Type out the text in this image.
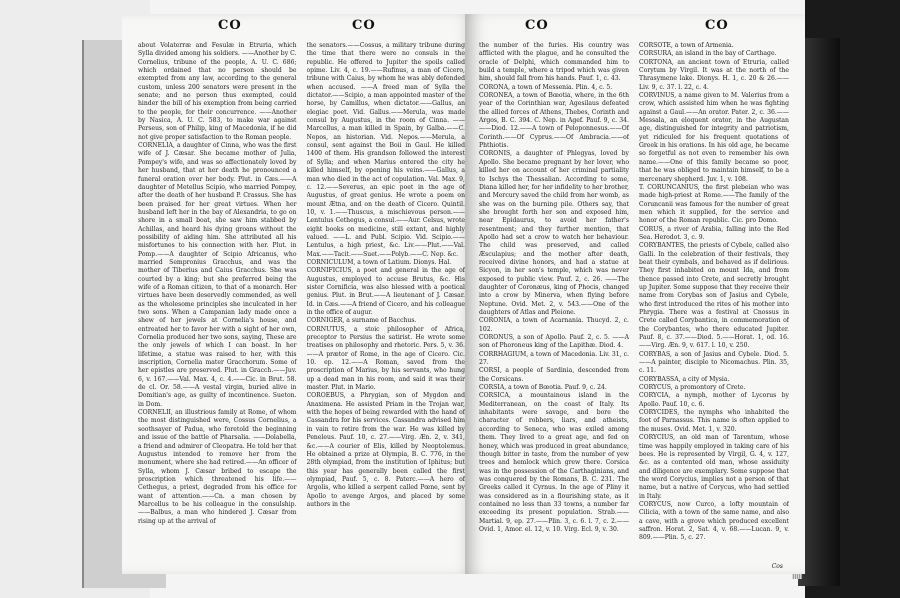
CO	CO

about Volaterræ and Fesulæ in Etruria, which Sylla divided among his soldiers. ——Another by C. Cornelius, tribune of the people, A. U. C. 686; which ordained that no person should be exempted from any law, according to the general custom, unless 200 senators were present in the senate; and no person thus exempted, could hinder the bill of his exemption from being carried to the people, for their concurrence. ——Another by Nasica, A. U. C. 583, to make war against Perseus, son of Philip, king of Macedonia, if he did not give proper satisfaction to the Roman people.

CORNELIA, a daughter of Cinna, who was the first wife of J. Cæsar. She became mother of Julia, Pompey's wife, and was so affectionately loved by her husband, that at her death he pronounced a funeral oration over her body. Plut. in Cæs.——A daughter of Metellus Scipio, who married Pompey, after the death of her husband P. Crassus. She has been praised for her great virtues. When her husband left her in the bay of Alexandria, to go on shore in a small boat, she saw him stabbed by Achillas, and heard his dying groans without the possibility of aiding him. She attributed all his misfortunes to his connection with her. Plut. in Pomp.——A daughter of Scipio Africanus, who married Sempronius Gracchus, and was the mother of Tiberius and Caius Gracchus. She was courted by a king; but she preferred being the wife of a Roman citizen, to that of a monarch. Her virtues have been deservedly commended, as well as the wholesome principles she inculcated in her two sons. When a Campanian lady made once a shew of her jewels at Cornelia's house, and entreated her to favor her with a sight of her own, Cornelia produced her two sons, saying, These are the only jewels of which I can boast. In her lifetime, a statue was raised to her, with this inscription, Cornelia mater Gracchorum. Some of her epistles are preserved. Plut. in Gracch.——Juv. 6, v. 167.——Val. Max. 4, c. 4.——Cic. in Brut. 58. de cl. Or. 58.——A vestal virgin, buried alive in Domitian's age, as guilty of incontinence. Sueton. in Dom.

CORNELII, an illustrious family at Rome, of whom the most distinguished were, Cossus Cornelius, a soothsayer of Padua, who foretold the beginning and issue of the battle of Pharsalia. ——Dolabella, a friend and admirer of Cleopatra. He told her that Augustus intended to remove her from the monument, where she had retired.——An officer of Sylla, whom J. Cæsar bribed to escape the proscription which threatened his life.——Cethegus, a priest, degraded from his office for want of attention.——Cn. a man chosen by Marcellus to be his colleague in the consulship.——Balbus, a man who hindered J. Cæsar from rising up at the arrival of

the senators.——Cossus, a military tribune during the time that there were no consuls in the republic. He offered to Jupiter the spoils called opime. Liv. 4, c. 19.——Rufinus, a man of Cicero, tribune with Caius, by whom he was ably defended when accused. ——A freed man of Sylla the dictator.——Scipio, a man appointed master of the horse, by Camillus, when dictator.——Gallus, an elegiac poet. Vid. Gallus.——Merula, was made consul by Augustus, in the room of Cinna. ——Marcellus, a man killed in Spain, by Galba.——C. Nepos, an historian. Vid. Nepos.——Merula, a consul, sent against the Boii in Gaul. He killed 1400 of them. His grandson followed the interest of Sylla; and when Marius entered the city he killed himself, by opening his veins.——Gallus, a man who died in the act of copulation. Val. Max. 9, c. 12.——Severus, an epic poet in the age of Augustus, of great genius. He wrote a poem on mount Ætna, and on the death of Cicero. Quintil. 10, v. 1.——Thuscus, a mischievous person.——Lentulus Cethegus, a consul.——Aur. Celsus, wrote eight books on medicine, still extant, and highly valued. ——L. and Publ. Scipio. Vid. Scipio.——Lentulus, a high priest, &c. Liv.——Plut.——Val. Max.——Tacit.——Suet.——Polyb.——C. Nep. &c.

CORNICULUM, a town of Latium. Dionys. Hal.

CORNIFICIUS, a poet and general in the age of Augustus, employed to accuse Brutus, &c. His sister Cornificia, was also blessed with a poetical genius. Plut. in Brut.——A lieutenant of J. Cæsar. Id. in Cæs.——A friend of Cicero, and his colleague in the office of augur.

CORNIGER, a surname of Bacchus.

CORNUTUS, a stoic philosopher of Africa, preceptor to Persius the satirist. He wrote some treatises on philosophy and rhetoric. Pers. 5, v. 36.——A prætor of Rome, in the age of Cicero. Cic. 10. ep. 12.——A Roman, saved from the proscription of Marius, by his servants, who hung up a dead man in his room, and said it was their master. Plut. in Mario.

COROEBUS, a Phrygian, son of Mygdon and Anaximena. He assisted Priam in the Trojan war, with the hopes of being rewarded with the hand of Cassandra for his services. Cassandra advised him in vain to retire from the war. He was killed by Peneleus. Pauf. 10, c. 27.——Virg. Æn. 2, v. 341, &c.——A courier of Elis, killed by Neoptolemus. He obtained a prize at Olympia, B. C. 776, in the 28th olympiad, from the institution of Iphitus; but this year has generally been called the first olympiad, Pauf. 5, c. 8. Paterc.——A hero of Argolis, who killed a serpent called Pœne, sent by Apollo to avenge Argos, and placed by some authors in the

CO	CO

the number of the furies. His country was afflicted with the plague, and he consulted the oracle of Delphi, which commanded him to build a temple, where a tripod which was given him, should fall from his hands. Pauf. 1, c. 43.

CORONA, a town of Messenia. Plin. 4, c. 5.

CORONEA, a town of Bœotia, where, in the 6th year of the Corinthian war, Agesilaus defeated the allied forces of Athens, Thebes, Corinth and Argos, B. C. 394. C. Nep. in Agef. Pauf. 9, c. 34.——Diod. 12.——A town of Peloponnesus.——Of Corinth.——Of Cyprus.——Of Ambracia.——of Phthiotis.

CORONIS, a daughter of Phlegyas, loved by Apollo. She became pregnant by her lover, who killed her on account of her criminal partiality to Ischys the Thessalian. According to some, Diana killed her, for her infidelity to her brother, and Mercury saved the child from her womb, as she was on the burning pile. Others say, that she brought forth her son and exposed him, near Epidaurus, to avoid her father's resentment; and they further mention, that Apollo had set a crow to watch her behaviour. The child was preserved, and called Æsculapius; and the mother after death, received divine honors, and had a statue at Sicyon, in her son's temple, which was never exposed to public view. Pauf. 2, c. 26. ——The daughter of Coronæus, king of Phocis, changed into a crow by Minerva, when flying before Neptune. Ovid. Met. 2, v. 543.——One of the daughters of Atlas and Pleione.

CORONIA, a town of Acarnania. Thucyd. 2, c. 102.

CORONUS, a son of Apollo. Pauf. 2, c. 5. ——A son of Phoroneus king of the Lapithæ. Diod. 4.

CORRHAGIUM, a town of Macedonia. Liv. 31, c. 27.

CORSI, a people of Sardinia, descended from the Corsicans.

CORSIA, a town of Bœotia. Pauf. 9, c. 24.

CORSICA, a mountainous island in the Mediterranean, on the coast of Italy. Its inhabitants were savage, and bore the character of robbers, liars, and atheists, according to Seneca, who was exiled among them. They lived to a great age, and fed on honey, which was produced in great abundance, though bitter in taste, from the number of yew trees and hemlock which grew there. Corsica was in the possession of the Carthaginians, and was conquered by the Romans, B. C. 231. The Greeks called it Cyrnus. In the age of Pliny it was considered as in a flourishing state, as it contained no less than 33 towns, a number far exceeding its present population. Strab.——Martial. 9, ep. 27.——Plin. 3, c. 6. l. 7, c. 2.——Ovid. 1, Amor. el. 12, v. 10. Virg. Ecl. 9, v. 30.

CORSOTE, a town of Armenia.

CORSURA, an island in the bay of Carthage.

CORTONA, an ancient town of Etruria, called Corytum by Virgil. It was at the north of the Thrasymene lake. Dionys. H. 1, c. 20 & 26.——Liv. 9, c. 37. l. 22, c. 4.

CORVINUS, a name given to M. Valerius from a crow, which assisted him when he was fighting against a Gaul.——An orator. Pater. 2, c. 36.——Messala, an eloquent orator, in the Augustan age, distinguished for integrity and patriotism, yet ridiculed for his frequent quotations of Greek in his orations. In his old age, he became so forgetful as not even to remember his own name.——One of this family became so poor, that he was obliged to maintain himself, to be a mercenary shepherd. Juv. 1, v. 108.

T. CORUNCANIUS, the first plebeian who was made high-priest at Rome.——The family of the Coruncanii was famous for the number of great men which it supplied, for the service and honor of the Roman republic. Cic. pro Domo.

CORUS, a river of Arabia, falling into the Red Sea. Herodot. 3, c. 9.

CORYBANTES, the priests of Cybele, called also Galli. In the celebration of their festivals, they beat their cymbals, and behaved as if delirious. They first inhabited on mount Ida, and from thence passed into Crete, and secretly brought up Jupiter. Some suppose that they receive their name from Corybas son of Jasius and Cybele, who first introduced the rites of his mother into Phrygia. There was a festival at Cnossus in Crete called Corybantica, in commemoration of the Corybantes, who there educated Jupiter. Pauf. 8, c. 37.——Diod. 5.——Horat. 1, od. 16. ——Virg. Æn. 9, v. 617. l. 10, v. 250.

CORYBAS, a son of Jasius and Cybele. Diod. 5.——A painter, disciple to Nicomachus. Plin. 35, c. 11.

CORYBASSA, a city of Mysia.

CORYCUS, a promontory of Crete.

CORYCIA, a nymph, mother of Lycorus by Apollo. Pauf. 10, c. 6.

CORYCIDES, the nymphs who inhabited the foot of Parnassus. This name is often applied to the muses. Ovid. Met. 1, v. 320.

CORYCIUS, an old man of Tarentum, whose time was happily employed in taking care of his bees. He is represented by Virgil, G. 4, v. 127, &c. as a contented old man, whose assiduity and diligence are exemplary. Some suppose that the word Corycius, implies not a person of that name, but a native of Corycus, who had settled in Italy.

CORYCUS, now Curco, a lofty mountain of Cilicia, with a town of the same name, and also a cave, with a grove which produced excellent saffron. Horat. 2, Sat. 4, v. 68.——Lucan. 9, v. 809.——Plin. 5, c. 27.

Cos
